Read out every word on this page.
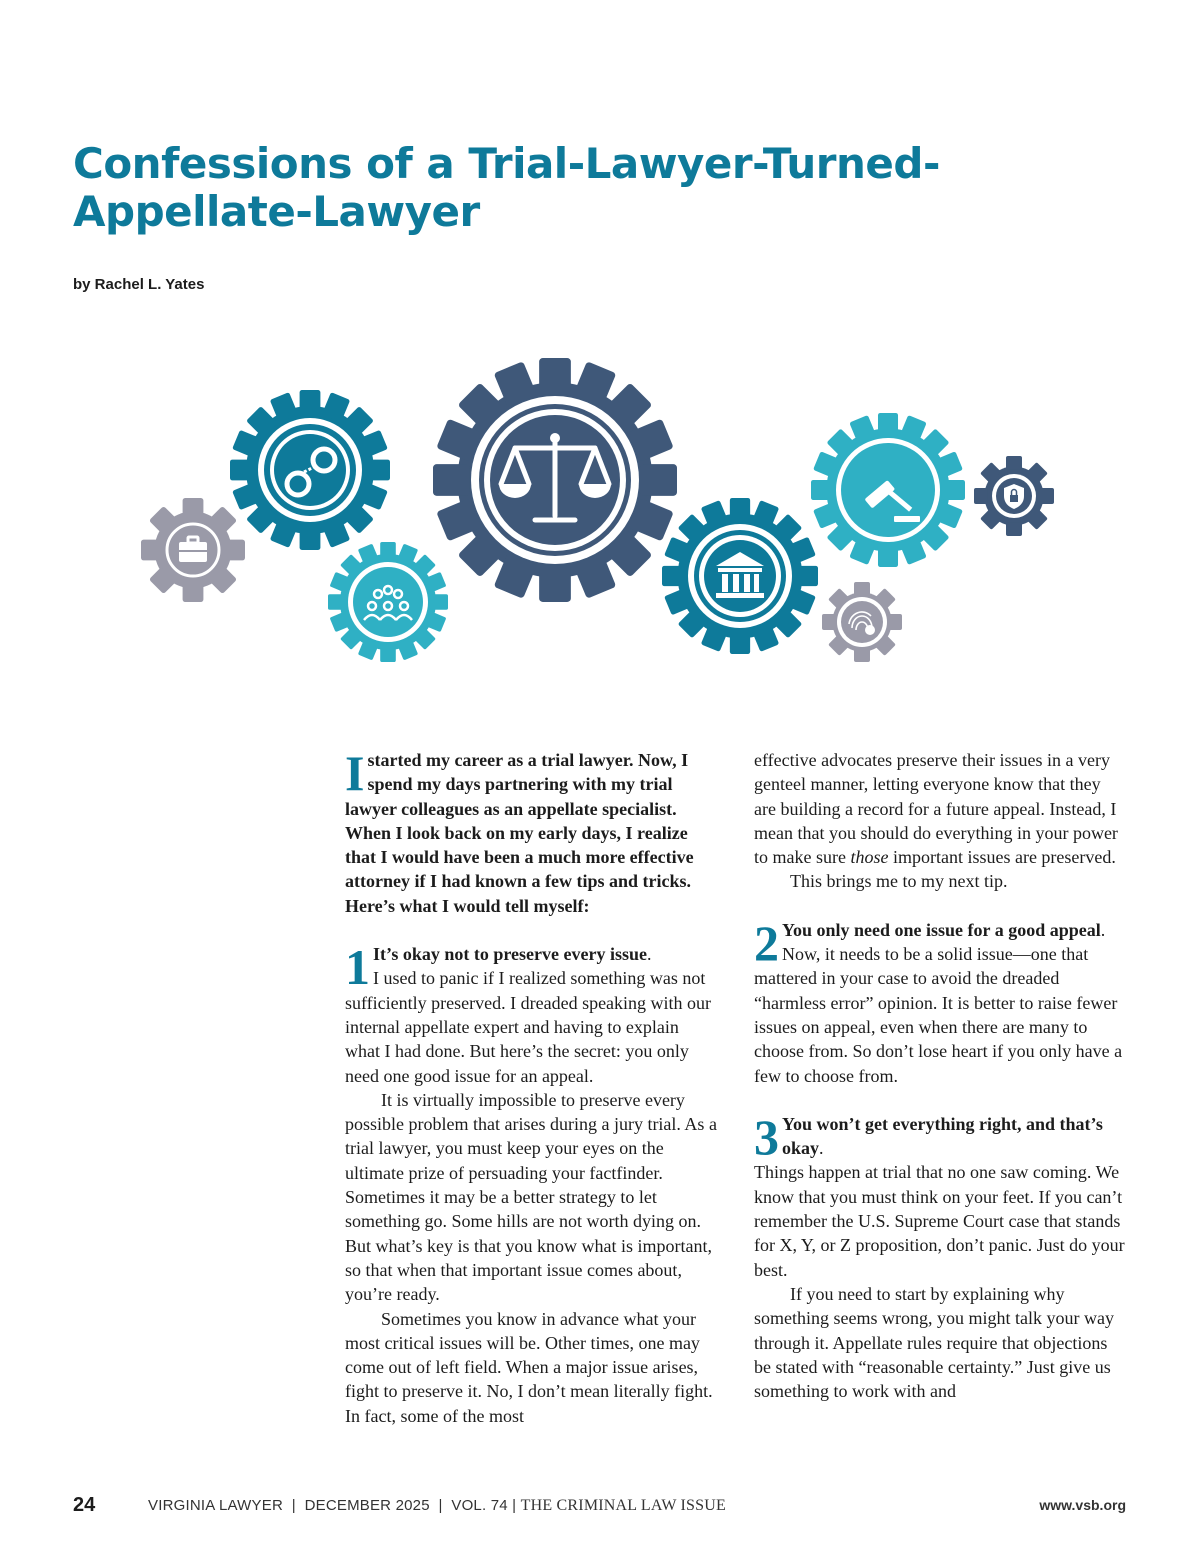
Confessions of a Trial-Lawyer-Turned-
Appellate-Lawyer

by Rachel L. Yates

Istarted my career as a trial lawyer. Now, I spend my days partnering with my trial lawyer colleagues as an appellate specialist. When I look back on my early days, I realize that I would have been a much more effective attorney if I had known a few tips and tricks. Here’s what I would tell myself:

1 It’s okay not to preserve every issue.
I used to panic if I realized something was not sufficiently preserved. I dreaded speaking with our internal appellate expert and having to explain what I had done. But here’s the secret: you only need one good issue for an appeal.

It is virtually impossible to preserve every possible problem that arises during a jury trial. As a trial lawyer, you must keep your eyes on the ultimate prize of persuading your factfinder. Sometimes it may be a better strategy to let something go. Some hills are not worth dying on. But what’s key is that you know what is important, so that when that important issue comes about, you’re ready.

Sometimes you know in advance what your most critical issues will be. Other times, one may come out of left field. When a major issue arises, fight to preserve it. No, I don’t mean literally fight. In fact, some of the most

effective advocates preserve their issues in a very genteel manner, letting everyone know that they are building a record for a future appeal. Instead, I mean that you should do everything in your power to make sure those important issues are preserved.

This brings me to my next tip.

2 You only need one issue for a good appeal.
Now, it needs to be a solid issue—one that mattered in your case to avoid the dreaded “harmless error” opinion. It is better to raise fewer issues on appeal, even when there are many to choose from. So don’t lose heart if you only have a few to choose from.

3 You won’t get everything right, and that’s okay.
Things happen at trial that no one saw coming. We know that you must think on your feet. If you can’t remember the U.S. Supreme Court case that stands for X, Y, or Z proposition, don’t panic. Just do your best.

If you need to start by explaining why something seems wrong, you might talk your way through it. Appellate rules require that objections be stated with “reasonable certainty.” Just give us something to work with and

24	VIRGINIA LAWYER | DECEMBER 2025 | VOL. 74 | THE CRIMINAL LAW ISSUE	www.vsb.org
